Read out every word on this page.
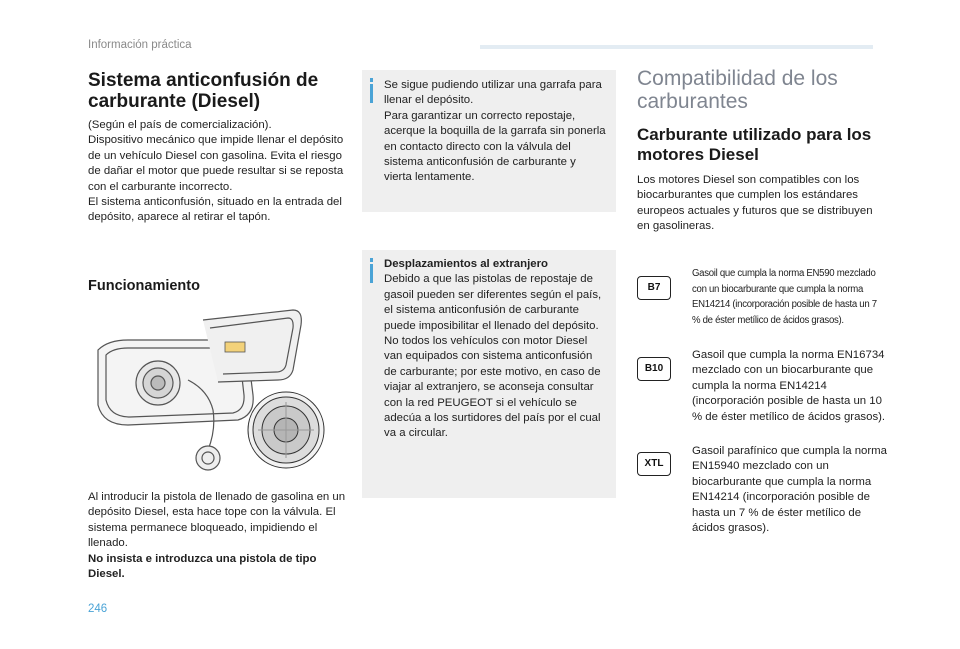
Información práctica
Sistema anticonfusión de carburante (Diesel)
(Según el país de comercialización).
Dispositivo mecánico que impide llenar el depósito de un vehículo Diesel con gasolina. Evita el riesgo de dañar el motor que puede resultar si se reposta con el carburante incorrecto.
El sistema anticonfusión, situado en la entrada del depósito, aparece al retirar el tapón.
Funcionamiento
Al introducir la pistola de llenado de gasolina en un depósito Diesel, esta hace tope con la válvula. El sistema permanece bloqueado, impidiendo el llenado.
No insista e introduzca una pistola de tipo Diesel.
Se sigue pudiendo utilizar una garrafa para llenar el depósito.
Para garantizar un correcto repostaje, acerque la boquilla de la garrafa sin ponerla en contacto directo con la válvula del sistema anticonfusión de carburante y vierta lentamente.
Desplazamientos al extranjero
Debido a que las pistolas de repostaje de gasoil pueden ser diferentes según el país, el sistema anticonfusión de carburante puede imposibilitar el llenado del depósito.
No todos los vehículos con motor Diesel van equipados con sistema anticonfusión de carburante; por este motivo, en caso de viajar al extranjero, se aconseja consultar con la red PEUGEOT si el vehículo se adecúa a los surtidores del país por el cual va a circular.
Compatibilidad de los carburantes
Carburante utilizado para los motores Diesel
Los motores Diesel son compatibles con los biocarburantes que cumplen los estándares europeos actuales y futuros que se distribuyen en gasolineras.
B7
Gasoil que cumpla la norma EN590 mezclado con un biocarburante que cumpla la norma EN14214 (incorporación posible de hasta un 7 % de éster metílico de ácidos grasos).
B10
Gasoil que cumpla la norma EN16734 mezclado con un biocarburante que cumpla la norma EN14214 (incorporación posible de hasta un 10 % de éster metílico de ácidos grasos).
XTL
Gasoil parafínico que cumpla la norma EN15940 mezclado con un biocarburante que cumpla la norma EN14214 (incorporación posible de hasta un 7 % de éster metílico de ácidos grasos).
246
